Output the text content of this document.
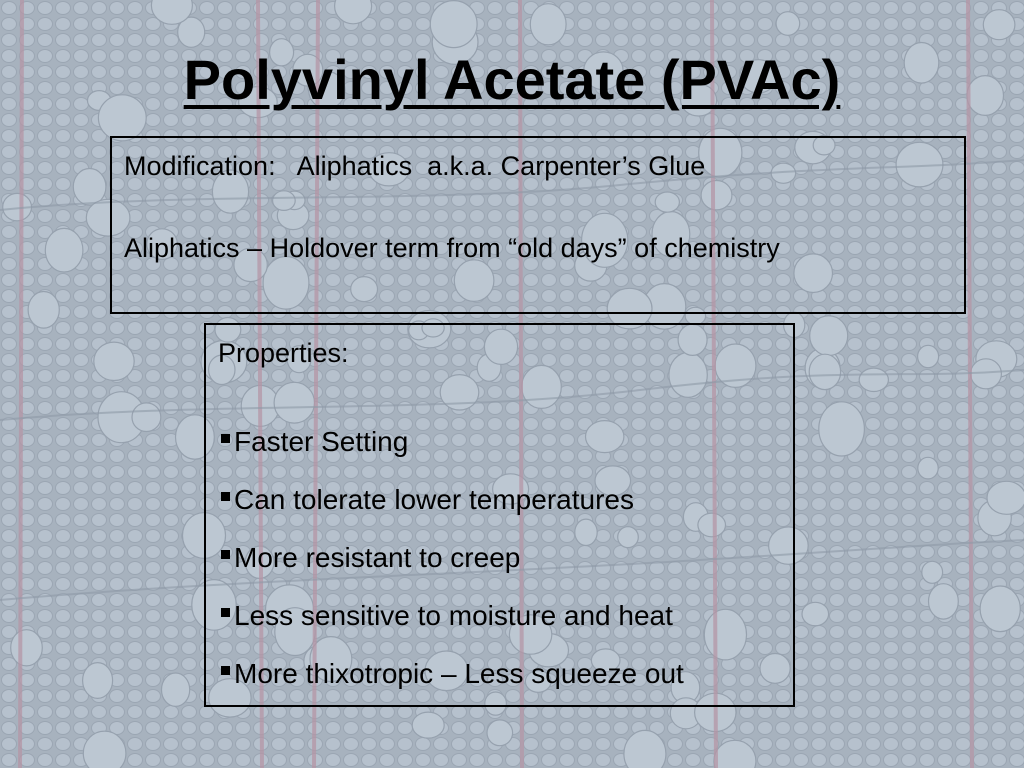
Polyvinyl Acetate (PVAc)

Modification:   Aliphatics  a.k.a. Carpenter’s Glue

Aliphatics – Holdover term from “old days” of chemistry

Properties:

Faster Setting
Can tolerate lower temperatures
More resistant to creep
Less sensitive to moisture and heat
More thixotropic – Less squeeze out
